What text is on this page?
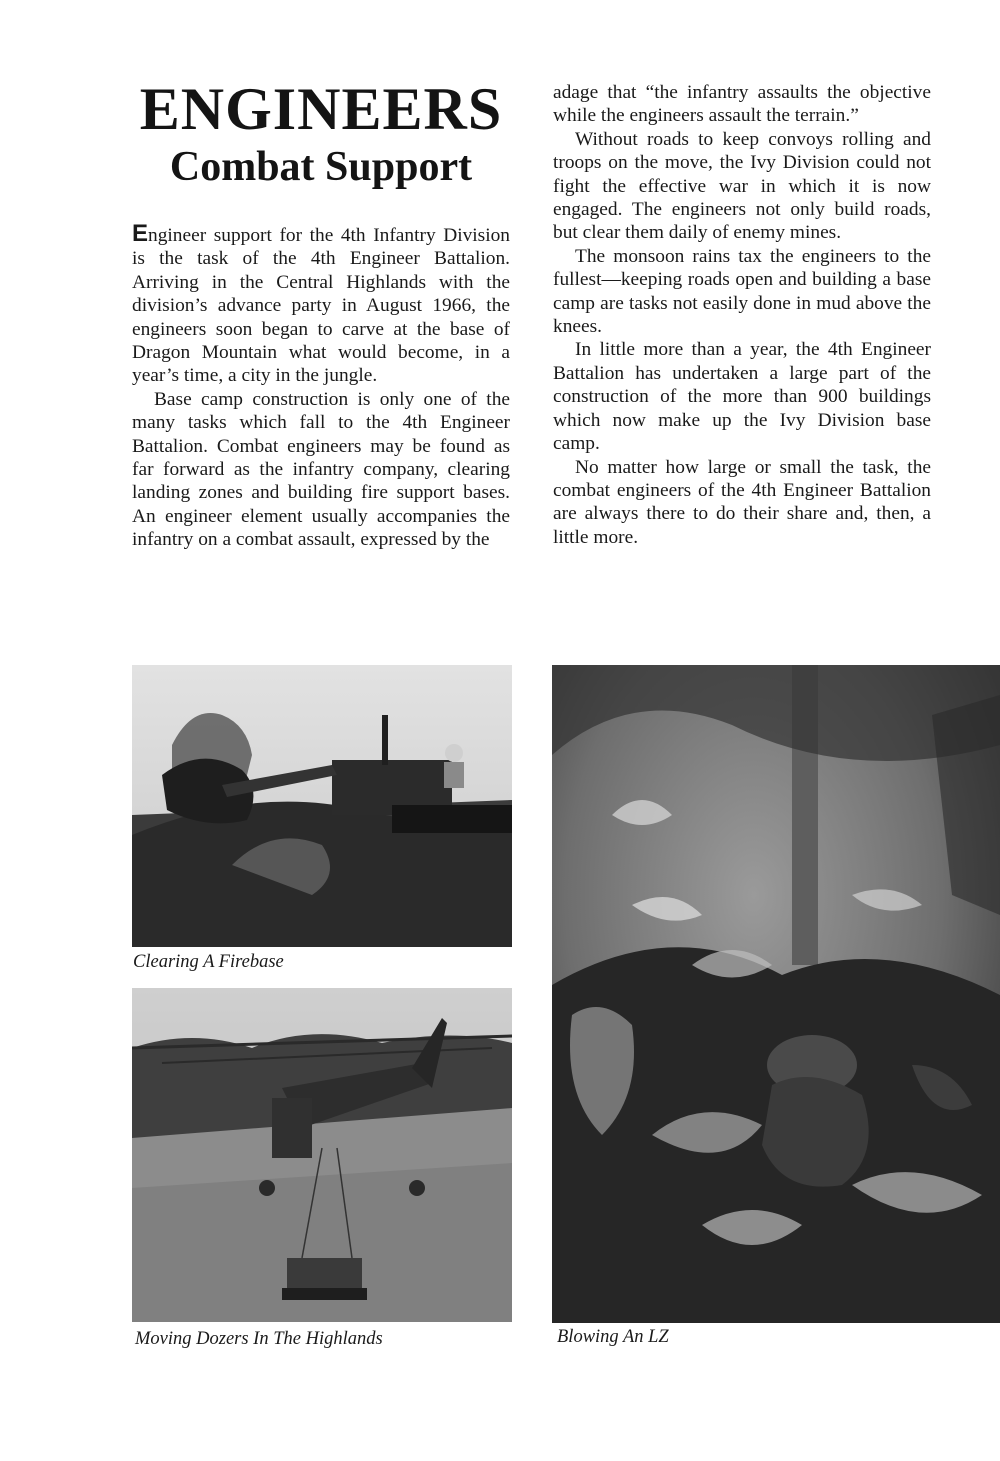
ENGINEERS
Combat Support

Engineer support for the 4th Infantry Division is the task of the 4th Engineer Battalion. Arriving in the Central Highlands with the division’s advance party in August 1966, the engineers soon began to carve at the base of Dragon Mountain what would become, in a year’s time, a city in the jungle.

Base camp construction is only one of the many tasks which fall to the 4th Engineer Battalion. Combat engineers may be found as far forward as the infantry company, clearing landing zones and building fire support bases. An engineer element usually accompanies the infantry on a combat assault, expressed by the

adage that “the infantry assaults the objective while the engineers assault the terrain.”

Without roads to keep convoys rolling and troops on the move, the Ivy Division could not fight the effective war in which it is now engaged. The engineers not only build roads, but clear them daily of enemy mines.

The monsoon rains tax the engineers to the fullest—keeping roads open and building a base camp are tasks not easily done in mud above the knees.

In little more than a year, the 4th Engineer Battalion has undertaken a large part of the construction of the more than 900 buildings which now make up the Ivy Division base camp.

No matter how large or small the task, the combat engineers of the 4th Engineer Battalion are always there to do their share and, then, a little more.

Clearing A Firebase
Moving Dozers In The Highlands	Blowing An LZ
